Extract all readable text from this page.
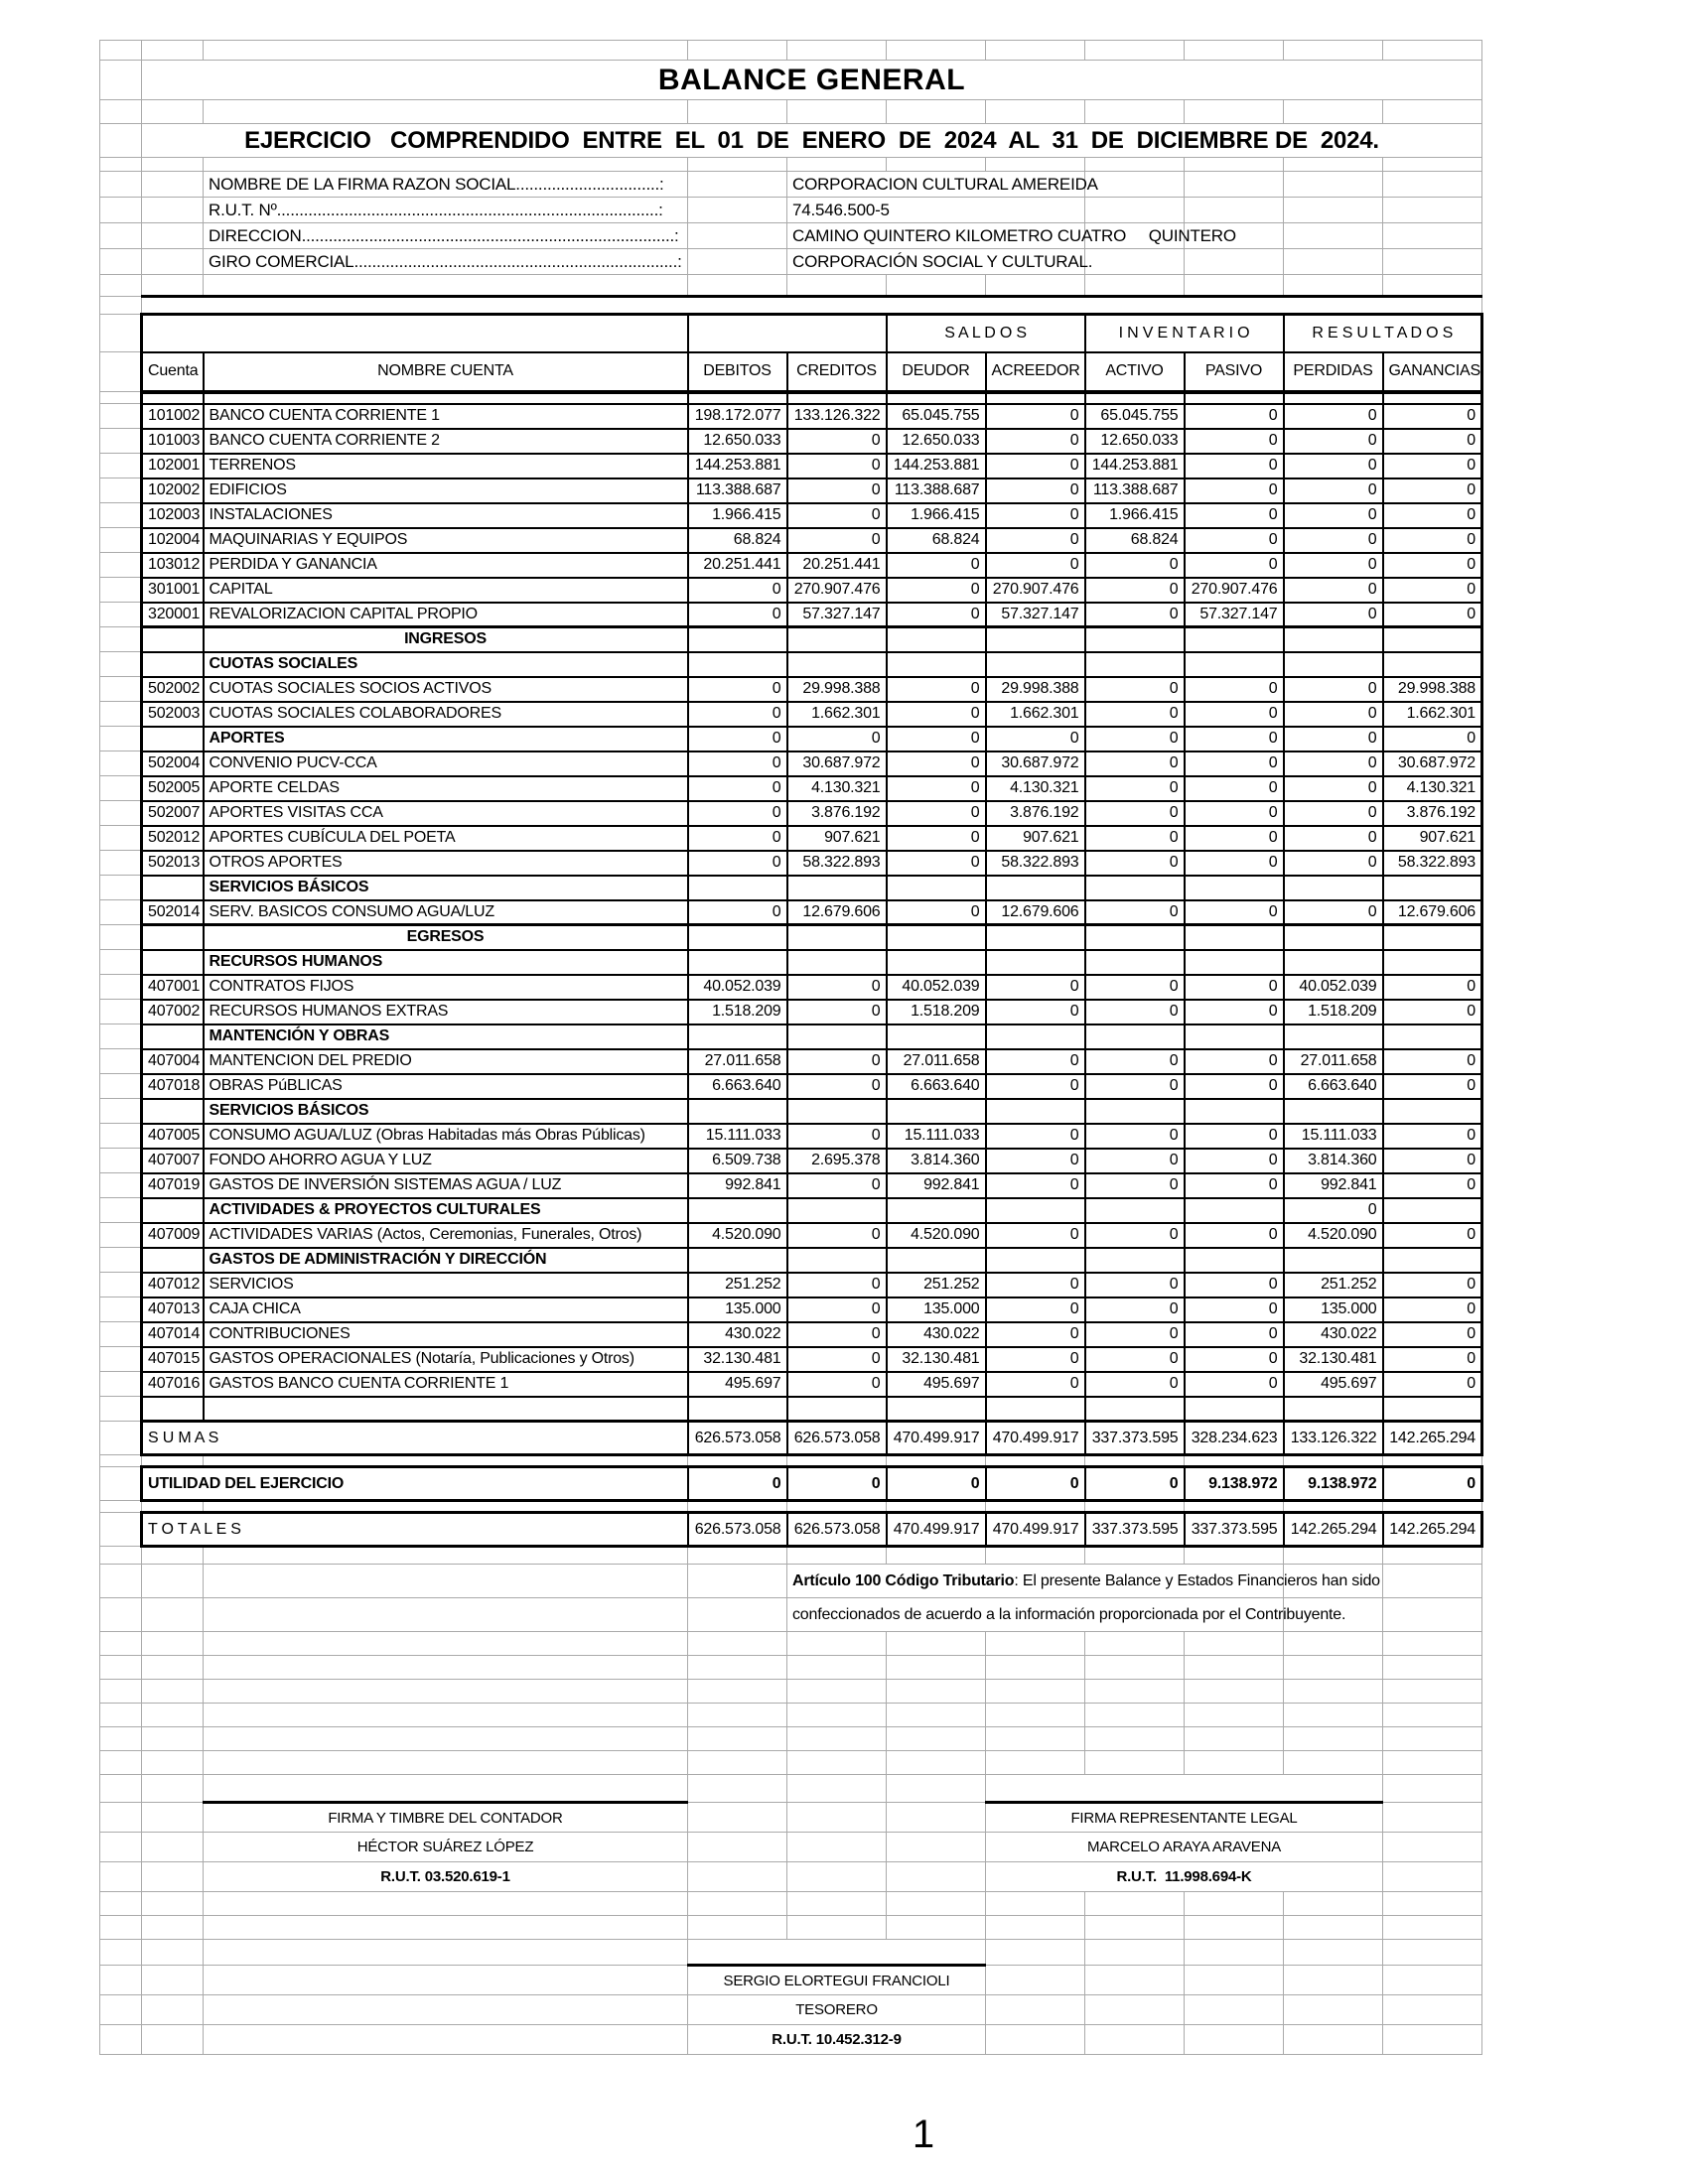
	BALANCE GENERAL									

	EJERCICIO   COMPRENDIDO  ENTRE  EL  01  DE  ENERO  DE  2024  AL  31  DE  DICIEMBRE DE  2024.									

		NOMBRE DE LA FIRMA RAZON SOCIAL................................:		CORPORACION CULTURAL AMEREIDA						
		R.U.T. Nº.....................................................................................:		74.546.500-5						
		DIRECCION...................................................................................:		CAMINO QUINTERO KILOMETRO CUATRO     QUINTERO						
		GIRO COMERCIAL........................................................................:		CORPORACIÓN SOCIAL Y CULTURAL.						

					S A L D O S		I N V E N T A R I O		R E S U L T A D O S	
	Cuenta	NOMBRE CUENTA	DEBITOS	CREDITOS	DEUDOR	ACREEDOR	ACTIVO	PASIVO	PERDIDAS	GANANCIAS

	101002	BANCO CUENTA CORRIENTE 1	198.172.077	133.126.322	65.045.755	0	65.045.755	0	0	0
	101003	BANCO CUENTA CORRIENTE 2	12.650.033	0	12.650.033	0	12.650.033	0	0	0
	102001	TERRENOS	144.253.881	0	144.253.881	0	144.253.881	0	0	0
	102002	EDIFICIOS	113.388.687	0	113.388.687	0	113.388.687	0	0	0
	102003	INSTALACIONES	1.966.415	0	1.966.415	0	1.966.415	0	0	0
	102004	MAQUINARIAS Y EQUIPOS	68.824	0	68.824	0	68.824	0	0	0
	103012	PERDIDA Y GANANCIA	20.251.441	20.251.441	0	0	0	0	0	0
	301001	CAPITAL	0	270.907.476	0	270.907.476	0	270.907.476	0	0
	320001	REVALORIZACION CAPITAL PROPIO	0	57.327.147	0	57.327.147	0	57.327.147	0	0
		INGRESOS								
		CUOTAS SOCIALES								
	502002	CUOTAS SOCIALES SOCIOS ACTIVOS	0	29.998.388	0	29.998.388	0	0	0	29.998.388
	502003	CUOTAS SOCIALES COLABORADORES	0	1.662.301	0	1.662.301	0	0	0	1.662.301
		APORTES	0	0	0	0	0	0	0	0
	502004	CONVENIO PUCV-CCA	0	30.687.972	0	30.687.972	0	0	0	30.687.972
	502005	APORTE CELDAS	0	4.130.321	0	4.130.321	0	0	0	4.130.321
	502007	APORTES VISITAS CCA	0	3.876.192	0	3.876.192	0	0	0	3.876.192
	502012	APORTES CUBÍCULA DEL POETA	0	907.621	0	907.621	0	0	0	907.621
	502013	OTROS APORTES	0	58.322.893	0	58.322.893	0	0	0	58.322.893
		SERVICIOS BÁSICOS								
	502014	SERV. BASICOS CONSUMO AGUA/LUZ	0	12.679.606	0	12.679.606	0	0	0	12.679.606
		EGRESOS								
		RECURSOS HUMANOS								
	407001	CONTRATOS FIJOS	40.052.039	0	40.052.039	0	0	0	40.052.039	0
	407002	RECURSOS HUMANOS EXTRAS	1.518.209	0	1.518.209	0	0	0	1.518.209	0
		MANTENCIÓN Y OBRAS								
	407004	MANTENCION DEL PREDIO	27.011.658	0	27.011.658	0	0	0	27.011.658	0
	407018	OBRAS PúBLICAS	6.663.640	0	6.663.640	0	0	0	6.663.640	0
		SERVICIOS BÁSICOS								
	407005	CONSUMO AGUA/LUZ (Obras Habitadas más Obras Públicas)	15.111.033	0	15.111.033	0	0	0	15.111.033	0
	407007	FONDO AHORRO AGUA Y LUZ	6.509.738	2.695.378	3.814.360	0	0	0	3.814.360	0
	407019	GASTOS DE INVERSIÓN SISTEMAS AGUA / LUZ	992.841	0	992.841	0	0	0	992.841	0
		ACTIVIDADES & PROYECTOS CULTURALES							0	
	407009	ACTIVIDADES VARIAS (Actos, Ceremonias, Funerales, Otros)	4.520.090	0	4.520.090	0	0	0	4.520.090	0
		GASTOS DE ADMINISTRACIÓN Y DIRECCIÓN								
	407012	SERVICIOS	251.252	0	251.252	0	0	0	251.252	0
	407013	CAJA CHICA	135.000	0	135.000	0	0	0	135.000	0
	407014	CONTRIBUCIONES	430.022	0	430.022	0	0	0	430.022	0
	407015	GASTOS OPERACIONALES (Notaría, Publicaciones y Otros)	32.130.481	0	32.130.481	0	0	0	32.130.481	0
	407016	GASTOS BANCO CUENTA CORRIENTE 1	495.697	0	495.697	0	0	0	495.697	0

	S U M A S		626.573.058	626.573.058	470.499.917	470.499.917	337.373.595	328.234.623	133.126.322	142.265.294

	UTILIDAD DEL EJERCICIO		0	0	0	0	0	9.138.972	9.138.972	0

	T O T A L E S		626.573.058	626.573.058	470.499.917	470.499.917	337.373.595	337.373.595	142.265.294	142.265.294

				Artículo 100 Código Tributario: El presente Balance y Estados Financieros han sido						
				confeccionados de acuerdo a la información proporcionada por el Contribuyente.						

		FIRMA Y TIMBRE DEL CONTADOR				FIRMA REPRESENTANTE LEGAL				
		HÉCTOR SUÁREZ LÓPEZ				MARCELO ARAYA ARAVENA				
		R.U.T. 03.520.619-1				R.U.T.  11.998.694-K				

			SERGIO ELORTEGUI FRANCIOLI							
			TESORERO							
			R.U.T. 10.452.312-9							
1
